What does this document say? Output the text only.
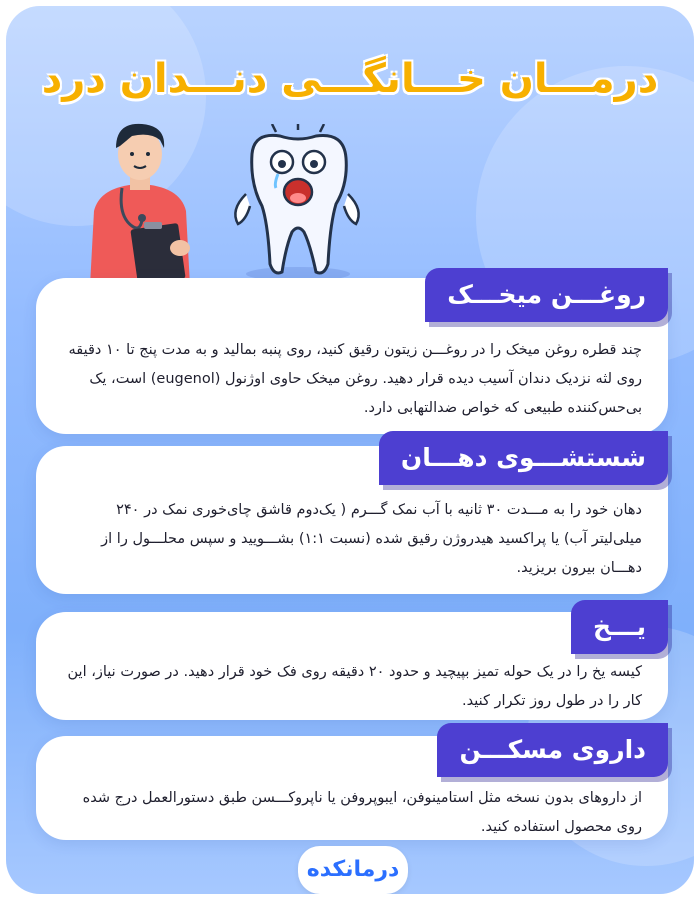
درمـــان خـــانگـــی دنـــدان درد
چند قطره روغن میخک را در روغـــن زیتون رقیق کنید، روی پنبه بمالید و به مدت پنج تا ۱۰ دقیقه روی لثه نزدیک دندان آسیب دیده قرار دهید. روغن میخک حاوی اوژنول (eugenol) است، یک بی‌حس‌کننده طبیعی که خواص ضدالتهابی دارد.
روغـــن میخـــک
دهان خود را به مـــدت ۳۰ ثانیه با آب نمک گـــرم ( یک‌دوم قاشق چای‌خوری نمک در ۲۴۰ میلی‌لیتر آب) یا پراکسید هیدروژن رقیق شده (نسبت ۱:۱) بشـــویید و سپس محلـــول را از دهـــان بیرون بریزید.
شستشـــوی دهـــان
کیسه یخ را در یک حوله تمیز بپیچید و حدود ۲۰ دقیقه روی فک خود قرار دهید. در صورت نیاز، این کار را در طول روز تکرار کنید.
یـــخ
از داروهای بدون نسخه مثل استامینوفن، ایبوپروفن یا ناپروکـــسن طبق دستورالعمل درج شده روی محصول استفاده کنید.
داروی مسکـــن
درمانکده
